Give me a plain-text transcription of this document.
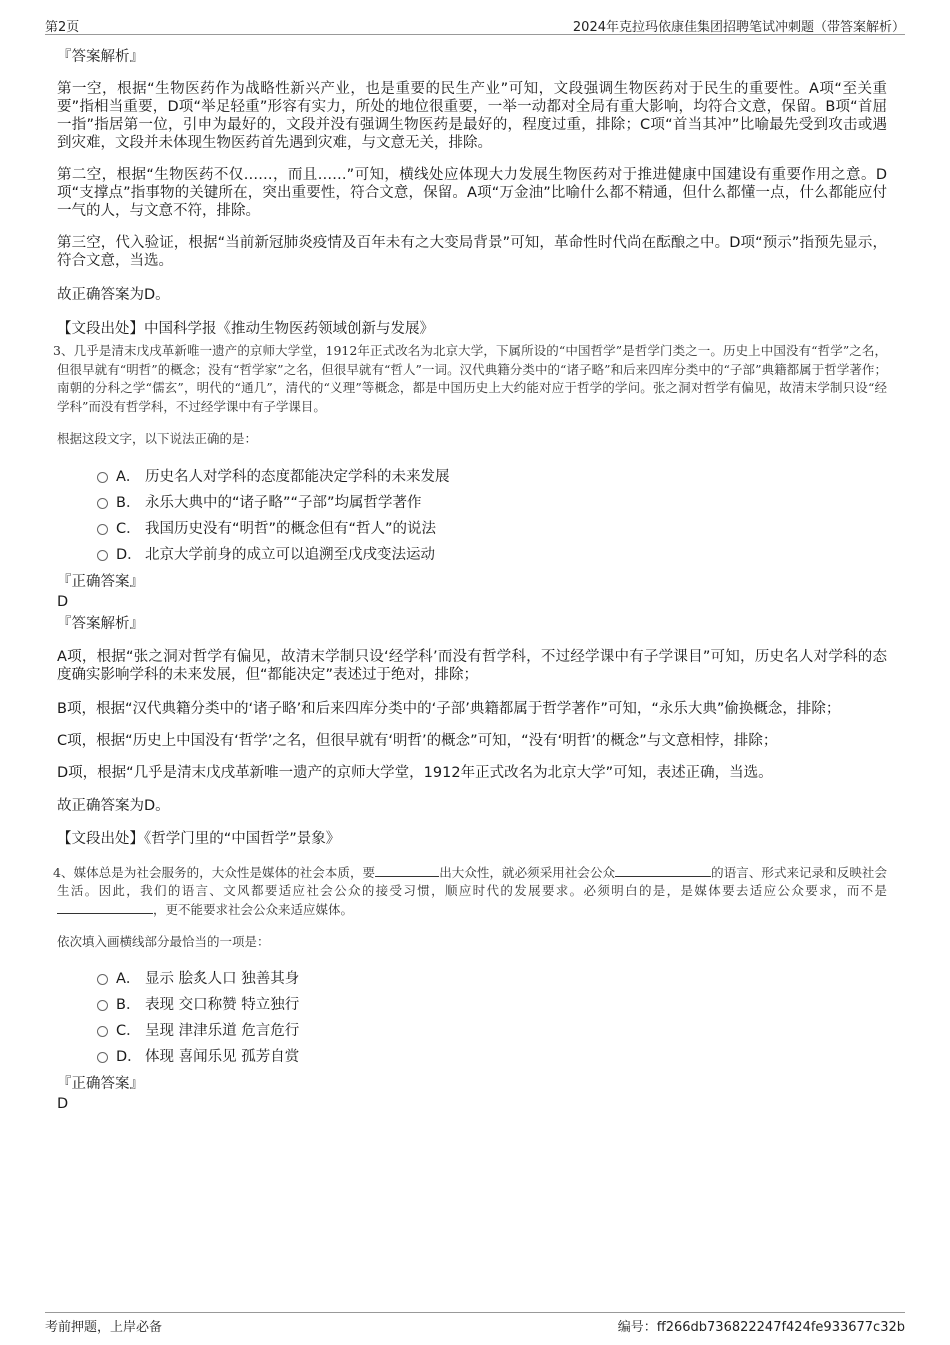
第2页	2024年克拉玛依康佳集团招聘笔试冲刺题（带答案解析）

『答案解析』

第一空，根据“生物医药作为战略性新兴产业，也是重要的民生产业”可知，文段强调生物医药对于民生的重要性。A项“至关重要”指相当重要，D项“举足轻重”形容有实力，所处的地位很重要，一举一动都对全局有重大影响，均符合文意，保留。B项“首屈一指”指居第一位，引申为最好的，文段并没有强调生物医药是最好的，程度过重，排除；C项“首当其冲”比喻最先受到攻击或遇到灾难，文段并未体现生物医药首先遇到灾难，与文意无关，排除。

第二空，根据“生物医药不仅……，而且……”可知，横线处应体现大力发展生物医药对于推进健康中国建设有重要作用之意。D项“支撑点”指事物的关键所在，突出重要性，符合文意，保留。A项“万金油”比喻什么都不精通，但什么都懂一点，什么都能应付一气的人，与文意不符，排除。

第三空，代入验证，根据“当前新冠肺炎疫情及百年未有之大变局背景”可知，革命性时代尚在酝酿之中。D项“预示”指预先显示，符合文意，当选。

故正确答案为D。

【文段出处】中国科学报《推动生物医药领域创新与发展》

3、几乎是清末戊戌革新唯一遗产的京师大学堂，1912年正式改名为北京大学，下属所设的“中国哲学”是哲学门类之一。历史上中国没有“哲学”之名，但很早就有“明哲”的概念；没有“哲学家”之名，但很早就有“哲人”一词。汉代典籍分类中的“诸子略”和后来四库分类中的“子部”典籍都属于哲学著作；南朝的分科之学“儒玄”，明代的“通几”，清代的“义理”等概念，都是中国历史上大约能对应于哲学的学问。张之洞对哲学有偏见，故清末学制只设“经学科”而没有哲学科，不过经学课中有子学课目。

根据这段文字，以下说法正确的是：

A． 历史名人对学科的态度都能决定学科的未来发展
B． 永乐大典中的“诸子略”“子部”均属哲学著作
C． 我国历史没有“明哲”的概念但有“哲人”的说法
D． 北京大学前身的成立可以追溯至戊戌变法运动

『正确答案』

D

『答案解析』

A项，根据“张之洞对哲学有偏见，故清末学制只设‘经学科’而没有哲学科，不过经学课中有子学课目”可知，历史名人对学科的态度确实影响学科的未来发展，但“都能决定”表述过于绝对，排除；

B项，根据“汉代典籍分类中的‘诸子略’和后来四库分类中的‘子部’典籍都属于哲学著作”可知，“永乐大典”偷换概念，排除；

C项，根据“历史上中国没有‘哲学’之名，但很早就有‘明哲’的概念”可知，“没有‘明哲’的概念”与文意相悖，排除；

D项，根据“几乎是清末戊戌革新唯一遗产的京师大学堂，1912年正式改名为北京大学”可知，表述正确，当选。

故正确答案为D。

【文段出处】《哲学门里的“中国哲学”景象》

4、媒体总是为社会服务的，大众性是媒体的社会本质，要	出大众性，就必须采用社会公众	的语言、形式来记录和反映社会生活。因此，我们的语言、文风都要适应社会公众的接受习惯，顺应时代的发展要求。必须明白的是，是媒体要去适应公众要求，而不是，更不能要求社会公众来适应媒体。

依次填入画横线部分最恰当的一项是：

A． 显示 脍炙人口 独善其身
B． 表现 交口称赞 特立独行
C． 呈现 津津乐道 危言危行
D． 体现 喜闻乐见 孤芳自赏

『正确答案』

D

考前押题，上岸必备	编号：ff266db736822247f424fe933677c32b
